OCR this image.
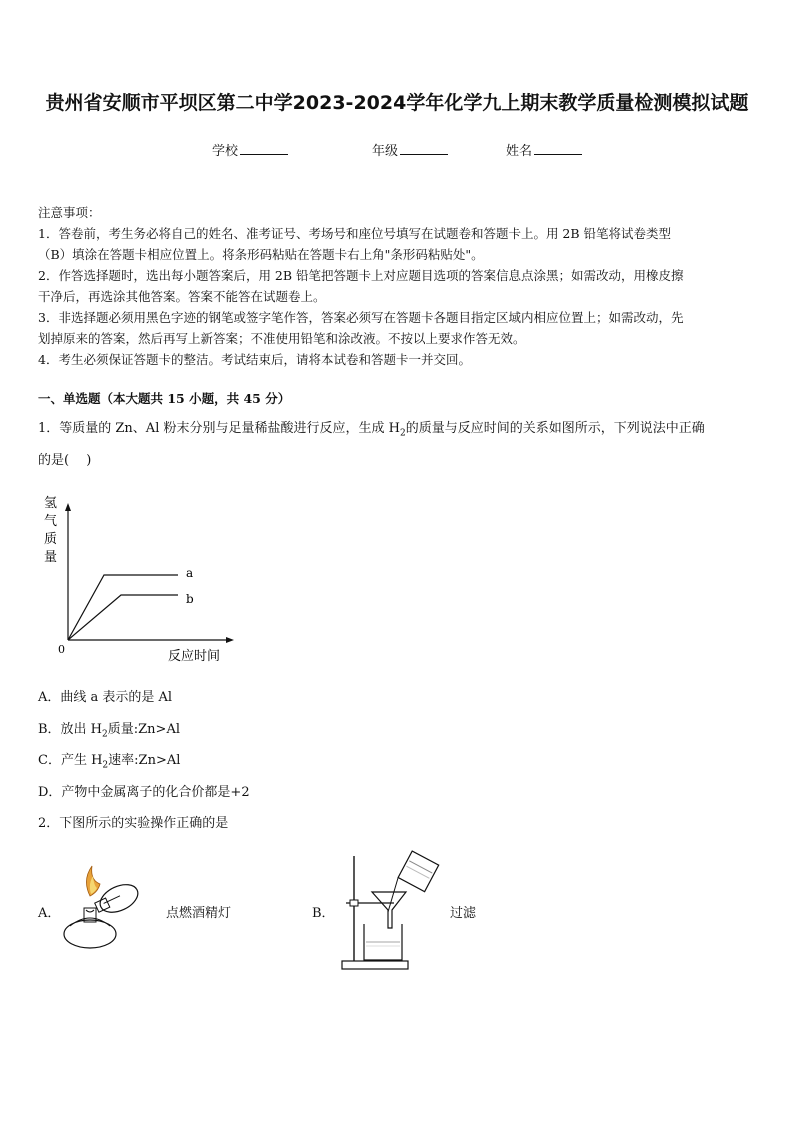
贵州省安顺市平坝区第二中学2023-2024学年化学九上期末教学质量检测模拟试题
学校	年级	姓名
注意事项：
1．答卷前，考生务必将自己的姓名、准考证号、考场号和座位号填写在试题卷和答题卡上。用 2B 铅笔将试卷类型
（B）填涂在答题卡相应位置上。将条形码粘贴在答题卡右上角"条形码粘贴处"。
2．作答选择题时，选出每小题答案后，用 2B 铅笔把答题卡上对应题目选项的答案信息点涂黑；如需改动，用橡皮擦
干净后，再选涂其他答案。答案不能答在试题卷上。
3．非选择题必须用黑色字迹的钢笔或签字笔作答，答案必须写在答题卡各题目指定区域内相应位置上；如需改动，先
划掉原来的答案，然后再写上新答案；不准使用铅笔和涂改液。不按以上要求作答无效。
4．考生必须保证答题卡的整洁。考试结束后，请将本试卷和答题卡一并交回。
一、单选题（本大题共 15 小题，共 45 分）
1．等质量的 Zn、Al 粉末分别与足量稀盐酸进行反应，生成 $H_2$的质量与反应时间的关系如图所示，下列说法中正确
的是(　 )
氢
气
质
量
a
b
0	反应时间
A．曲线 a 表示的是 Al
B．放出 $H_2$质量:Zn>Al
C．产生 $H_2$速率:Zn>Al
D．产物中金属离子的化合价都是+2
2．下图所示的实验操作正确的是
A．	点燃酒精灯	B．	过滤
